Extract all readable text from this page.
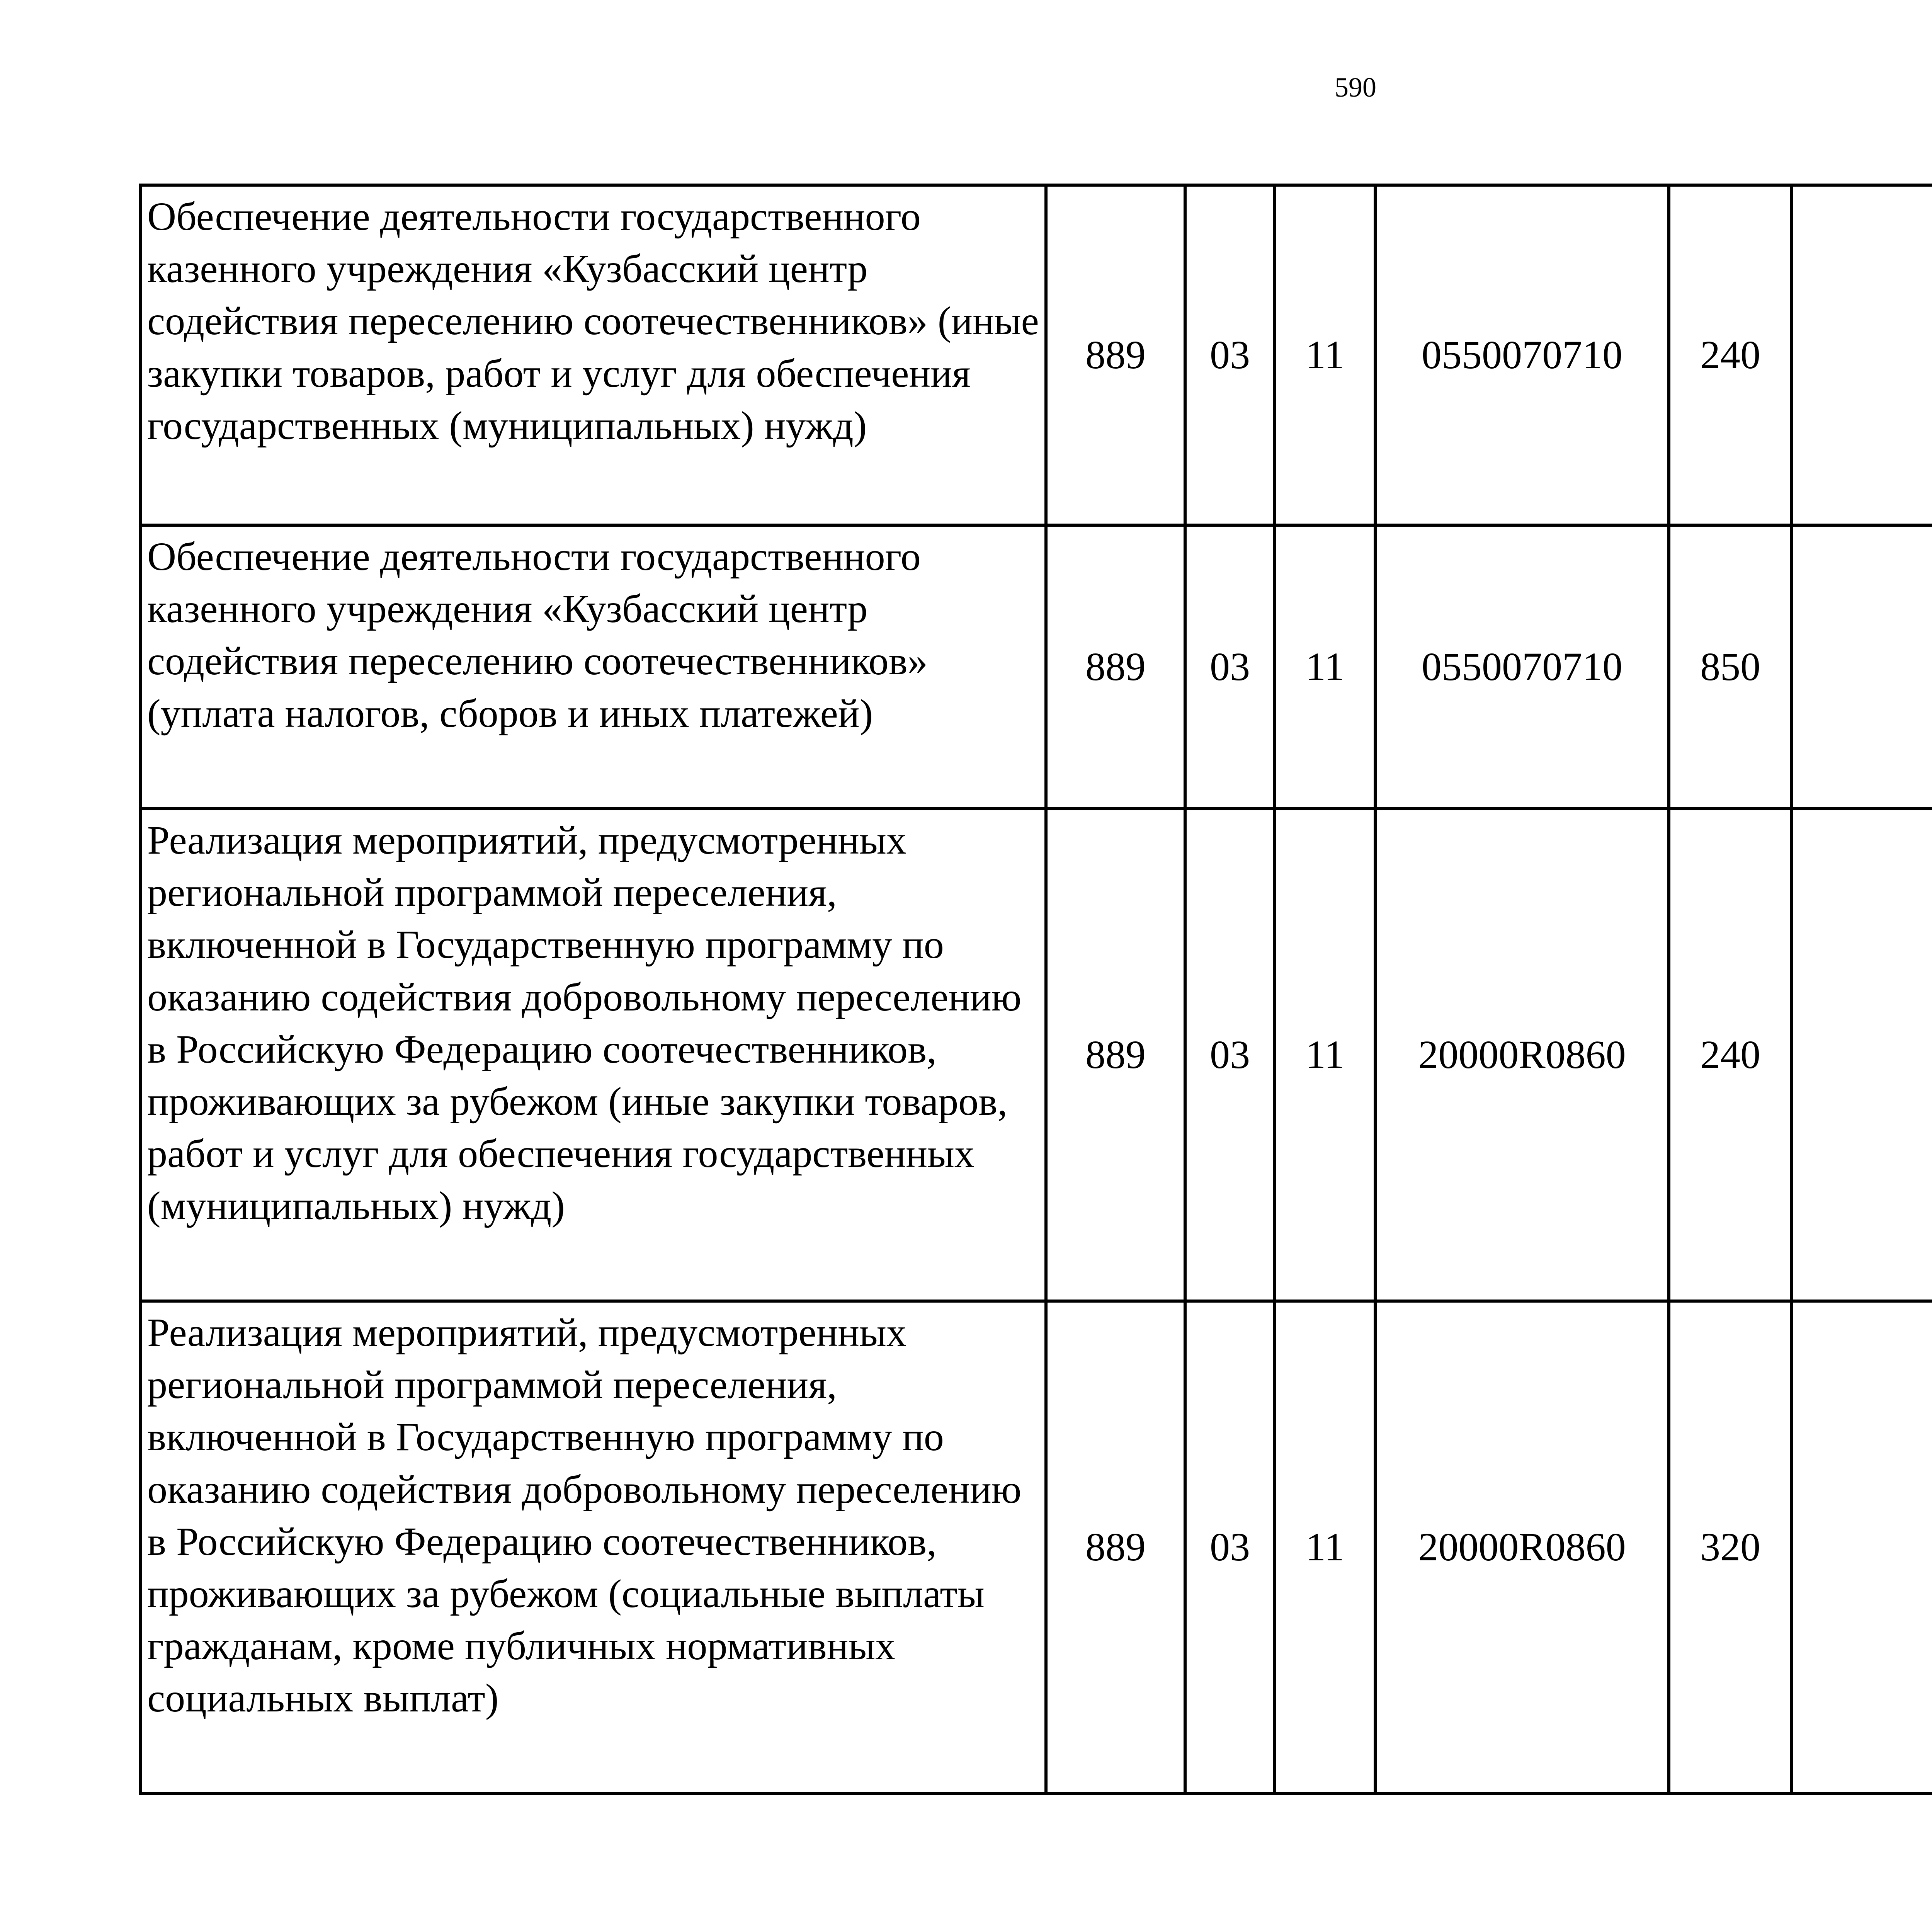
590
Обеспечение деятельности государственного казенного учреждения «Кузбасский центр содействия переселению соотечественников» (иные закупки товаров, работ и услуг для обеспечения государственных (муниципальных) нужд)	889	03	11	0550070710	240			
Обеспечение деятельности государственного казенного учреждения «Кузбасский центр содействия переселению соотечественников» (уплата налогов, сборов и иных платежей)	889	03	11	0550070710	850			
Реализация мероприятий, предусмотренных региональной программой переселения, включенной в Государственную программу по оказанию содействия добровольному переселению в Российскую Федерацию соотечественников, проживающих за рубежом (иные закупки товаров, работ и услуг для обеспечения государственных (муниципальных) нужд)	889	03	11	20000R0860	240			
Реализация мероприятий, предусмотренных региональной программой переселения, включенной в Государственную программу по оказанию содействия добровольному переселению в Российскую Федерацию соотечественников, проживающих за рубежом (социальные выплаты гражданам, кроме публичных нормативных социальных выплат)	889	03	11	20000R0860	320			
